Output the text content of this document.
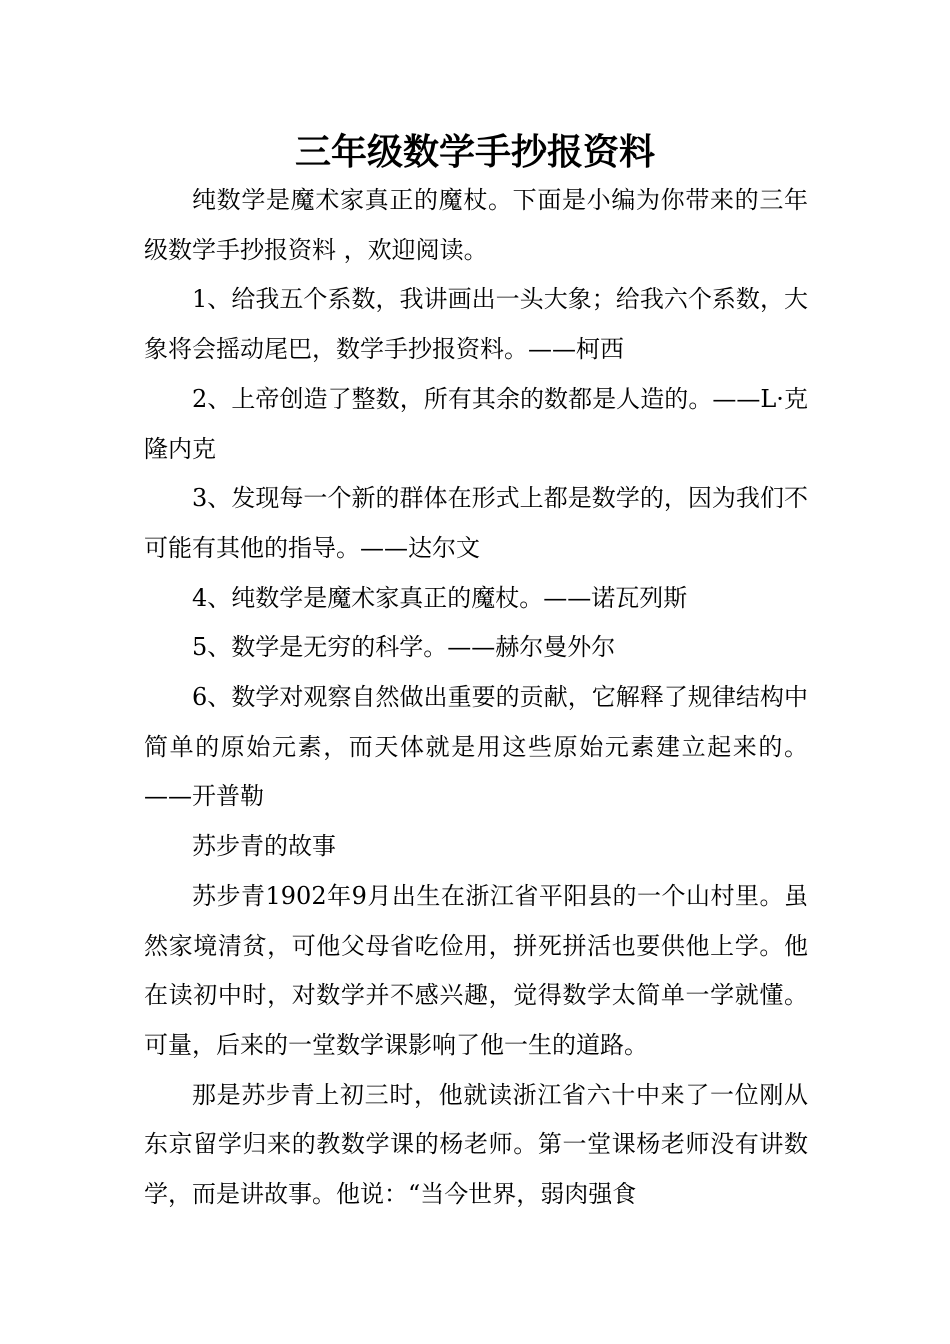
三年级数学手抄报资料

纯数学是魔术家真正的魔杖。下面是小编为你带来的三年级数学手抄报资料 ，欢迎阅读。

1、给我五个系数，我讲画出一头大象；给我六个系数，大象将会摇动尾巴，数学手抄报资料。——柯西

2、上帝创造了整数，所有其余的数都是人造的。——L·克隆内克

3、发现每一个新的群体在形式上都是数学的，因为我们不可能有其他的指导。——达尔文

4、纯数学是魔术家真正的魔杖。——诺瓦列斯

5、数学是无穷的科学。——赫尔曼外尔

6、数学对观察自然做出重要的贡献，它解释了规律结构中简单的原始元素，而天体就是用这些原始元素建立起来的。——开普勒

苏步青的故事

苏步青1902年9月出生在浙江省平阳县的一个山村里。虽然家境清贫，可他父母省吃俭用，拼死拼活也要供他上学。他在读初中时，对数学并不感兴趣，觉得数学太简单一学就懂。可量，后来的一堂数学课影响了他一生的道路。

那是苏步青上初三时，他就读浙江省六十中来了一位刚从东京留学归来的教数学课的杨老师。第一堂课杨老师没有讲数学，而是讲故事。他说：“当今世界，弱肉强食
